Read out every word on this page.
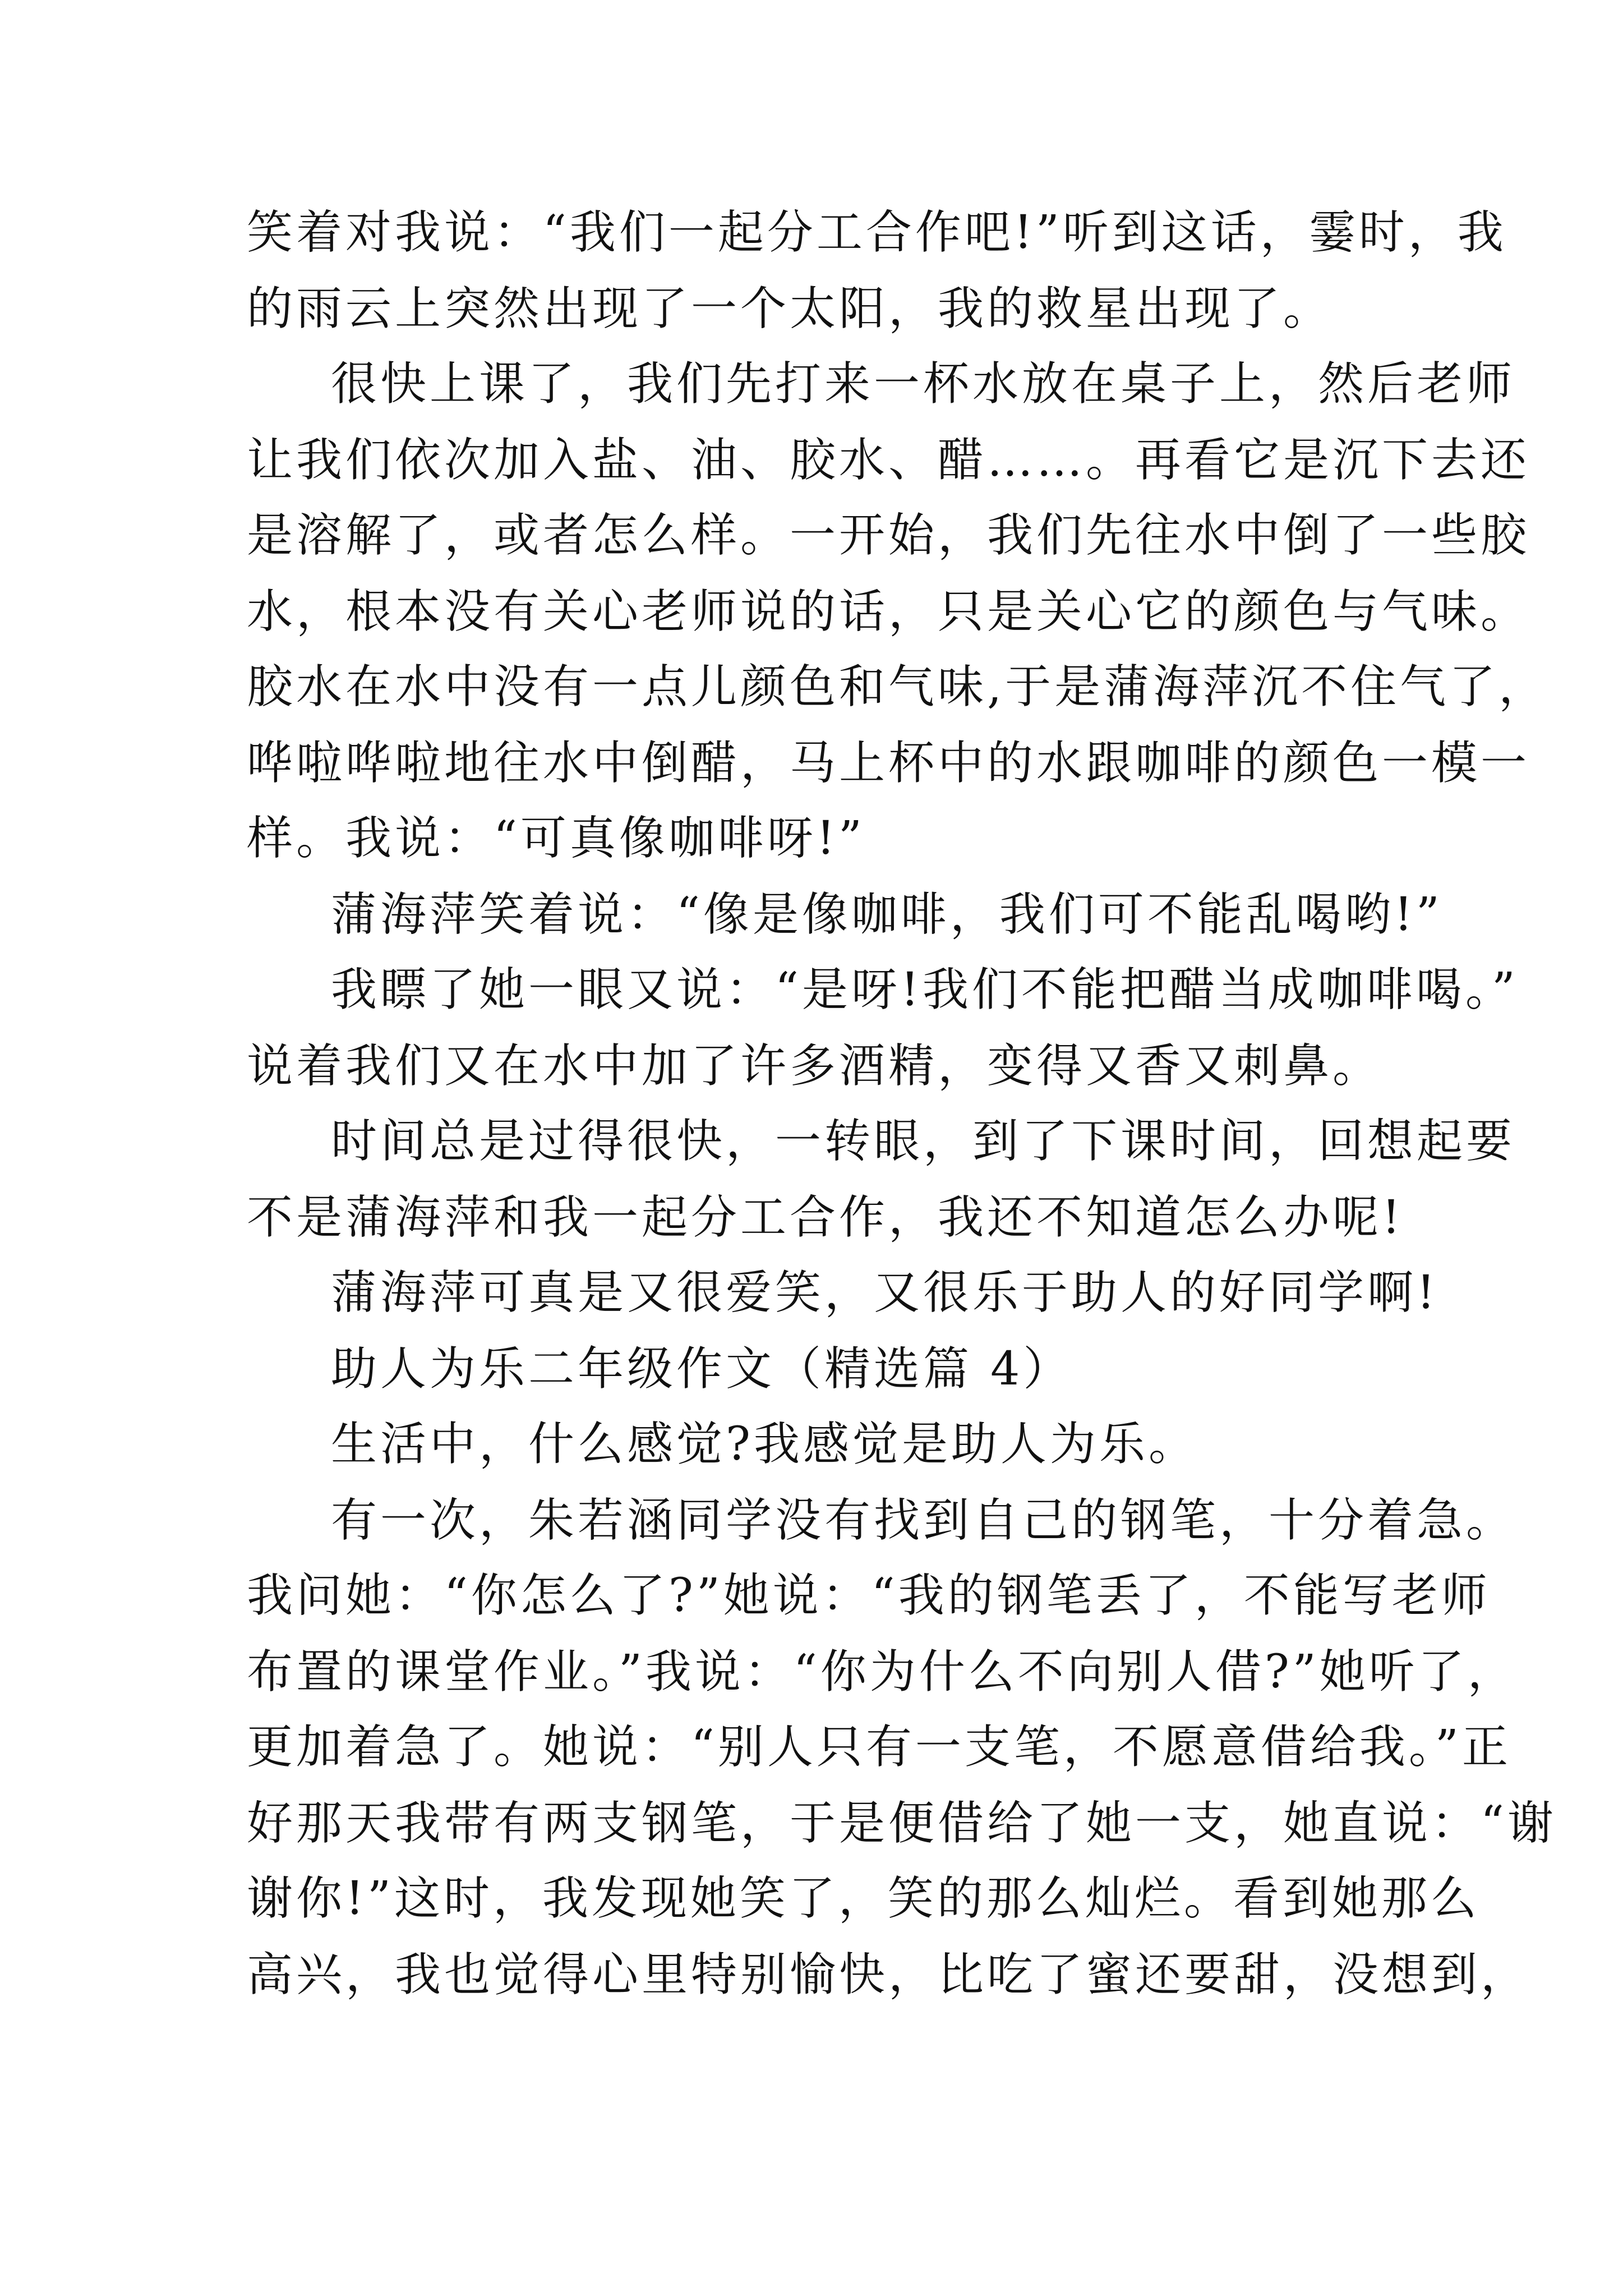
笑着对我说：“我们一起分工合作吧!”听到这话，霎时，我
的雨云上突然出现了一个太阳，我的救星出现了。
很快上课了，我们先打来一杯水放在桌子上，然后老师
让我们依次加入盐、油、胶水、醋……。再看它是沉下去还
是溶解了，或者怎么样。一开始，我们先往水中倒了一些胶
水，根本没有关心老师说的话，只是关心它的颜色与气味。
胶水在水中没有一点儿颜色和气味,于是蒲海萍沉不住气了，
哗啦哗啦地往水中倒醋，马上杯中的水跟咖啡的颜色一模一
样。我说：“可真像咖啡呀!”
蒲海萍笑着说：“像是像咖啡，我们可不能乱喝哟!”
我瞟了她一眼又说：“是呀!我们不能把醋当成咖啡喝。”
说着我们又在水中加了许多酒精，变得又香又刺鼻。
时间总是过得很快，一转眼，到了下课时间，回想起要
不是蒲海萍和我一起分工合作，我还不知道怎么办呢!
蒲海萍可真是又很爱笑，又很乐于助人的好同学啊!
助人为乐二年级作文（精选篇 4）
生活中，什么感觉?我感觉是助人为乐。
有一次，朱若涵同学没有找到自己的钢笔，十分着急。
我问她：“你怎么了?”她说：“我的钢笔丢了，不能写老师
布置的课堂作业。”我说：“你为什么不向别人借?”她听了，
更加着急了。她说：“别人只有一支笔，不愿意借给我。”正
好那天我带有两支钢笔，于是便借给了她一支，她直说：“谢
谢你!”这时，我发现她笑了，笑的那么灿烂。看到她那么
高兴，我也觉得心里特别愉快，比吃了蜜还要甜，没想到，
